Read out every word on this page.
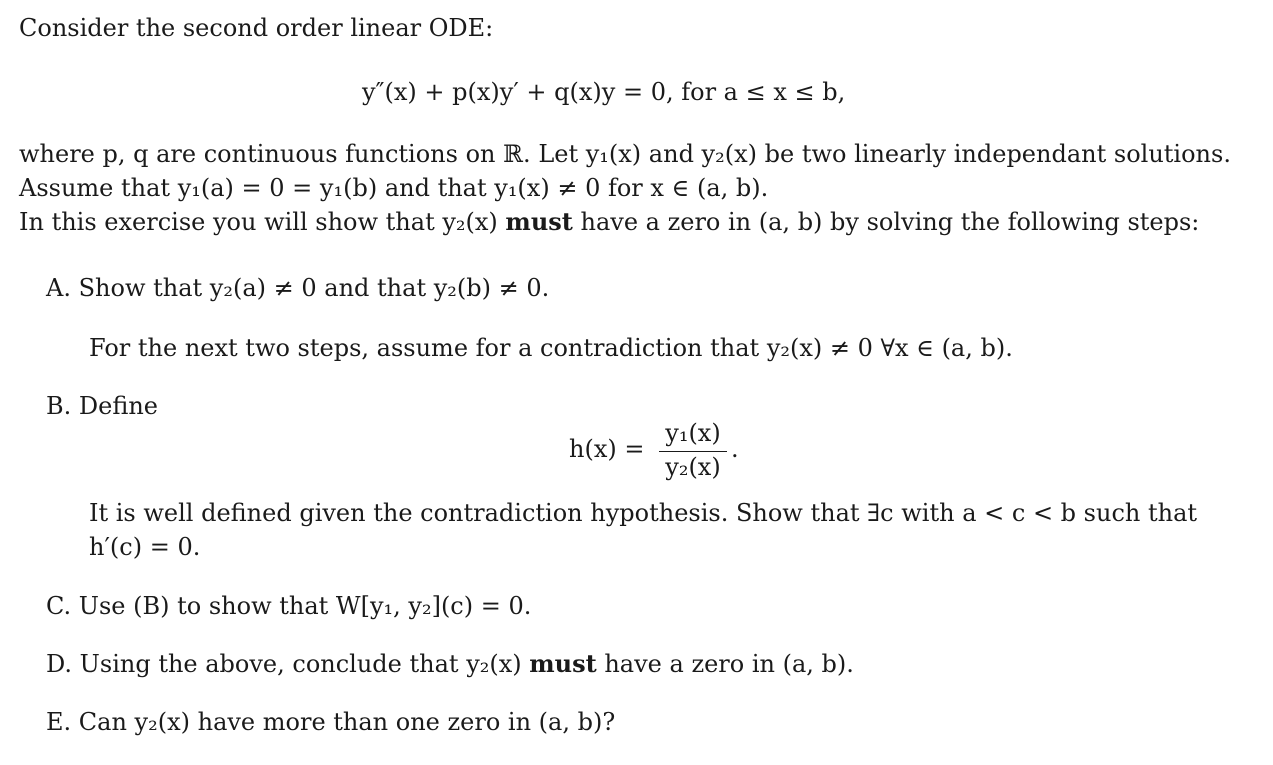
Consider the second order linear ODE:
y″(x) + p(x)y′ + q(x)y = 0, for a ≤ x ≤ b,
where p, q are continuous functions on ℝ. Let y₁(x) and y₂(x) be two linearly independant solutions.
Assume that y₁(a) = 0 = y₁(b) and that y₁(x) ≠ 0 for x ∈ (a, b).
In this exercise you will show that y₂(x) must have a zero in (a, b) by solving the following steps:
A. Show that y₂(a) ≠ 0 and that y₂(b) ≠ 0.
For the next two steps, assume for a contradiction that y₂(x) ≠ 0 ∀x ∈ (a, b).
B. Define
h(x) =
y₁(x)
y₂(x)
.
It is well defined given the contradiction hypothesis. Show that ∃c with a < c < b such that
h′(c) = 0.
C. Use (B) to show that W[y₁, y₂](c) = 0.
D. Using the above, conclude that y₂(x) must have a zero in (a, b).
E. Can y₂(x) have more than one zero in (a, b)?
